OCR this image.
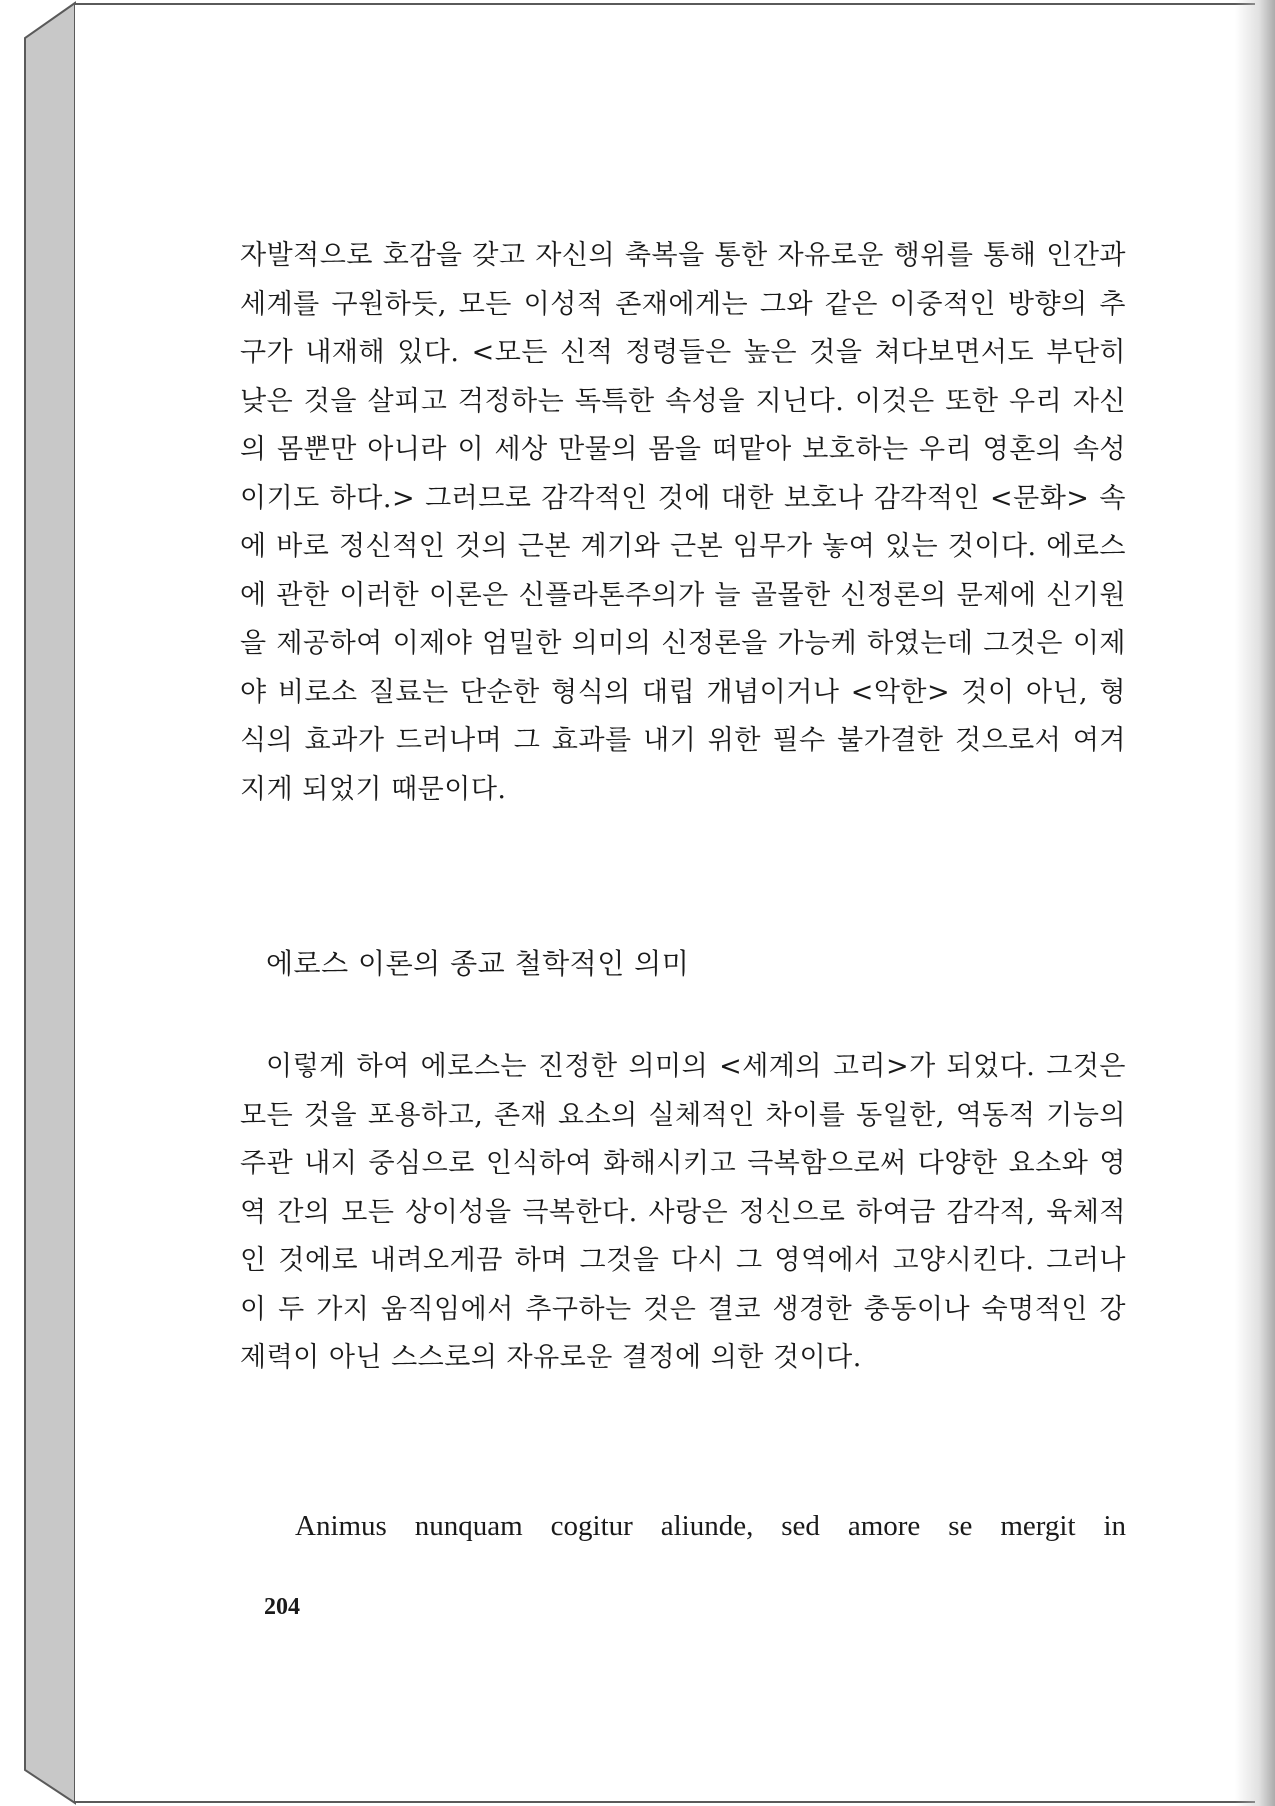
자발적으로 호감을 갖고 자신의 축복을 통한 자유로운 행위를 통해 인간과 세계를 구원하듯, 모든 이성적 존재에게는 그와 같은 이중적인 방향의 추구가 내재해 있다. <모든 신적 정령들은 높은 것을 쳐다보면서도 부단히 낮은 것을 살피고 걱정하는 독특한 속성을 지닌다. 이것은 또한 우리 자신의 몸뿐만 아니라 이 세상 만물의 몸을 떠맡아 보호하는 우리 영혼의 속성이기도 하다.> 그러므로 감각적인 것에 대한 보호나 감각적인 <문화> 속에 바로 정신적인 것의 근본 계기와 근본 임무가 놓여 있는 것이다. 에로스에 관한 이러한 이론은 신플라톤주의가 늘 골몰한 신정론의 문제에 신기원을 제공하여 이제야 엄밀한 의미의 신정론을 가능케 하였는데 그것은 이제야 비로소 질료는 단순한 형식의 대립 개념이거나 <악한> 것이 아닌, 형식의 효과가 드러나며 그 효과를 내기 위한 필수 불가결한 것으로서 여겨지게 되었기 때문이다.

에로스 이론의 종교 철학적인 의미

이렇게 하여 에로스는 진정한 의미의 <세계의 고리>가 되었다. 그것은 모든 것을 포용하고, 존재 요소의 실체적인 차이를 동일한, 역동적 기능의 주관 내지 중심으로 인식하여 화해시키고 극복함으로써 다양한 요소와 영역 간의 모든 상이성을 극복한다. 사랑은 정신으로 하여금 감각적, 육체적인 것에로 내려오게끔 하며 그것을 다시 그 영역에서 고양시킨다. 그러나 이 두 가지 움직임에서 추구하는 것은 결코 생경한 충동이나 숙명적인 강제력이 아닌 스스로의 자유로운 결정에 의한 것이다.

Animus nunquam cogitur aliunde, sed amore se mergit in

204
